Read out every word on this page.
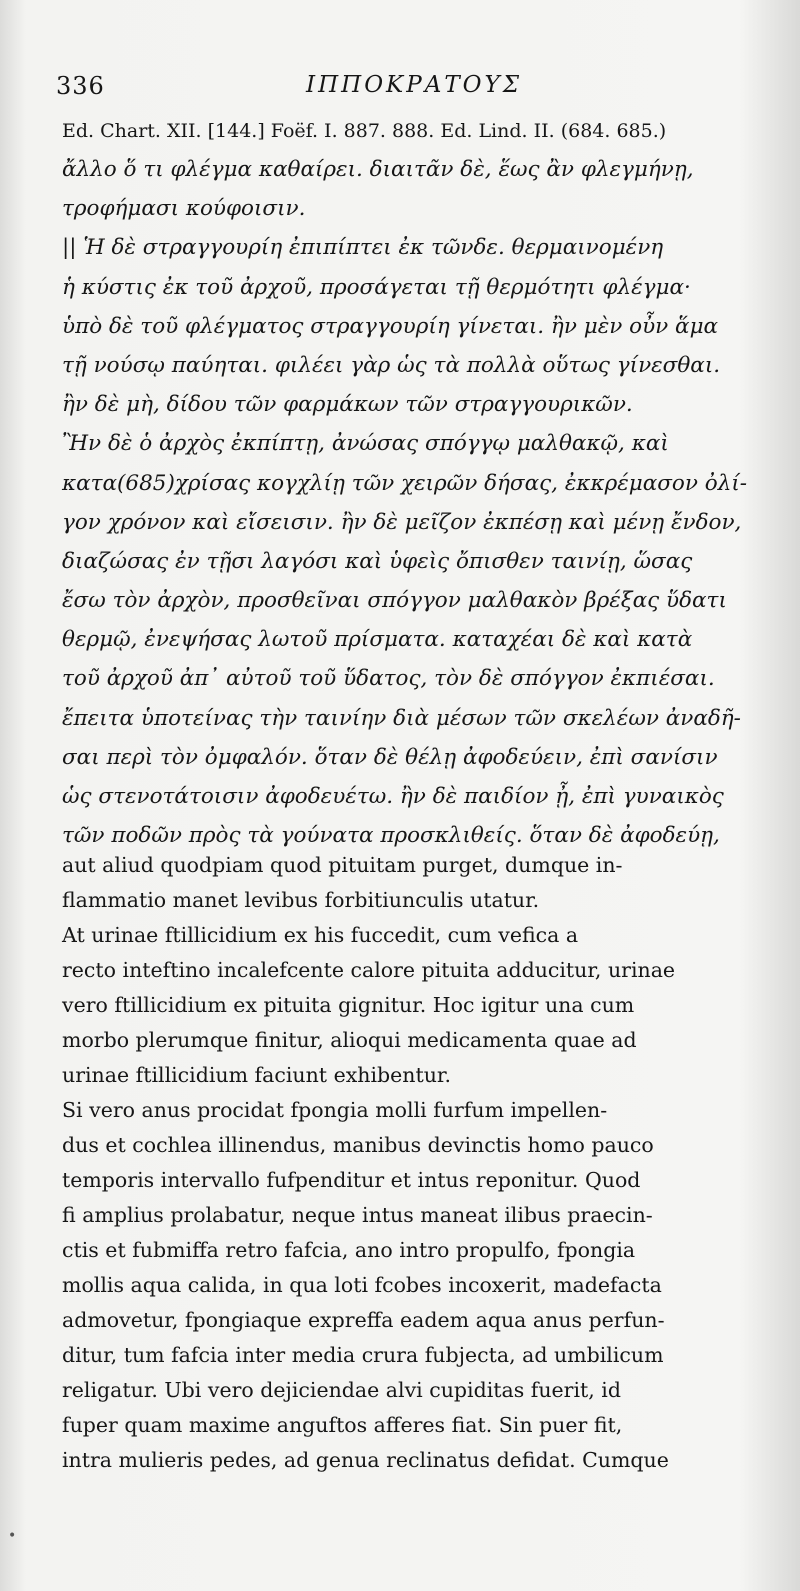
336	ΙΠΠΟΚΡΑΤΟΥΣ
Ed. Chart. XII. [144.] Foëf. I. 887. 888. Ed. Lind. II. (684. 685.)
ἄλλο ὅ τι φλέγμα καθαίρει. διαιτᾶν δὲ, ἕως ἂν φλεγμήνῃ,
τροφήμασι κούφοισιν.
|| Ἡ δὲ στραγγουρίη ἐπιπίπτει ἐκ τῶνδε. θερμαινομένη
ἡ κύστις ἐκ τοῦ ἀρχοῦ, προσάγεται τῇ θερμότητι φλέγμα·
ὑπὸ δὲ τοῦ φλέγματος στραγγουρίη γίνεται. ἢν μὲν οὖν ἅμα
τῇ νούσῳ παύηται. φιλέει γὰρ ὡς τὰ πολλὰ οὕτως γίνεσθαι.
ἢν δὲ μὴ, δίδου τῶν φαρμάκων τῶν στραγγουρικῶν.
Ἢν δὲ ὁ ἀρχὸς ἐκπίπτῃ, ἀνώσας σπόγγῳ μαλθακῷ, καὶ
κατα(685)χρίσας κογχλίῃ τῶν χειρῶν δήσας, ἐκκρέμασον ὀλί-
γον χρόνον καὶ εἴσεισιν. ἢν δὲ μεῖζον ἐκπέσῃ καὶ μένῃ ἔνδον,
διαζώσας ἐν τῇσι λαγόσι καὶ ὑφεὶς ὄπισθεν ταινίῃ, ὥσας
ἔσω τὸν ἀρχὸν, προσθεῖναι σπόγγον μαλθακὸν βρέξας ὕδατι
θερμῷ, ἐνεψήσας λωτοῦ πρίσματα. καταχέαι δὲ καὶ κατὰ
τοῦ ἀρχοῦ ἀπ᾽ αὐτοῦ τοῦ ὕδατος, τὸν δὲ σπόγγον ἐκπιέσαι.
ἔπειτα ὑποτείνας τὴν ταινίην διὰ μέσων τῶν σκελέων ἀναδῆ-
σαι περὶ τὸν ὀμφαλόν. ὅταν δὲ θέλῃ ἀφοδεύειν, ἐπὶ σανίσιν
ὡς στενοτάτοισιν ἀφοδευέτω. ἢν δὲ παιδίον ᾖ, ἐπὶ γυναικὸς
τῶν ποδῶν πρὸς τὰ γούνατα προσκλιθείς. ὅταν δὲ ἀφοδεύῃ,
aut aliud quodpiam quod pituitam purget, dumque in-
flammatio manet levibus forbitiunculis utatur.
At urinae ftillicidium ex his fuccedit, cum vefica a
recto inteftino incalefcente calore pituita adducitur, urinae
vero ftillicidium ex pituita gignitur. Hoc igitur una cum
morbo plerumque finitur, alioqui medicamenta quae ad
urinae ftillicidium faciunt exhibentur.
Si vero anus procidat fpongia molli furfum impellen-
dus et cochlea illinendus, manibus devinctis homo pauco
temporis intervallo fufpenditur et intus reponitur. Quod
fi amplius prolabatur, neque intus maneat ilibus praecin-
ctis et fubmiffa retro fafcia, ano intro propulfo, fpongia
mollis aqua calida, in qua loti fcobes incoxerit, madefacta
admovetur, fpongiaque expreffa eadem aqua anus perfun-
ditur, tum fafcia inter media crura fubjecta, ad umbilicum
religatur. Ubi vero dejiciendae alvi cupiditas fuerit, id
fuper quam maxime anguftos afferes fiat. Sin puer fit,
intra mulieris pedes, ad genua reclinatus defidat. Cumque
•
